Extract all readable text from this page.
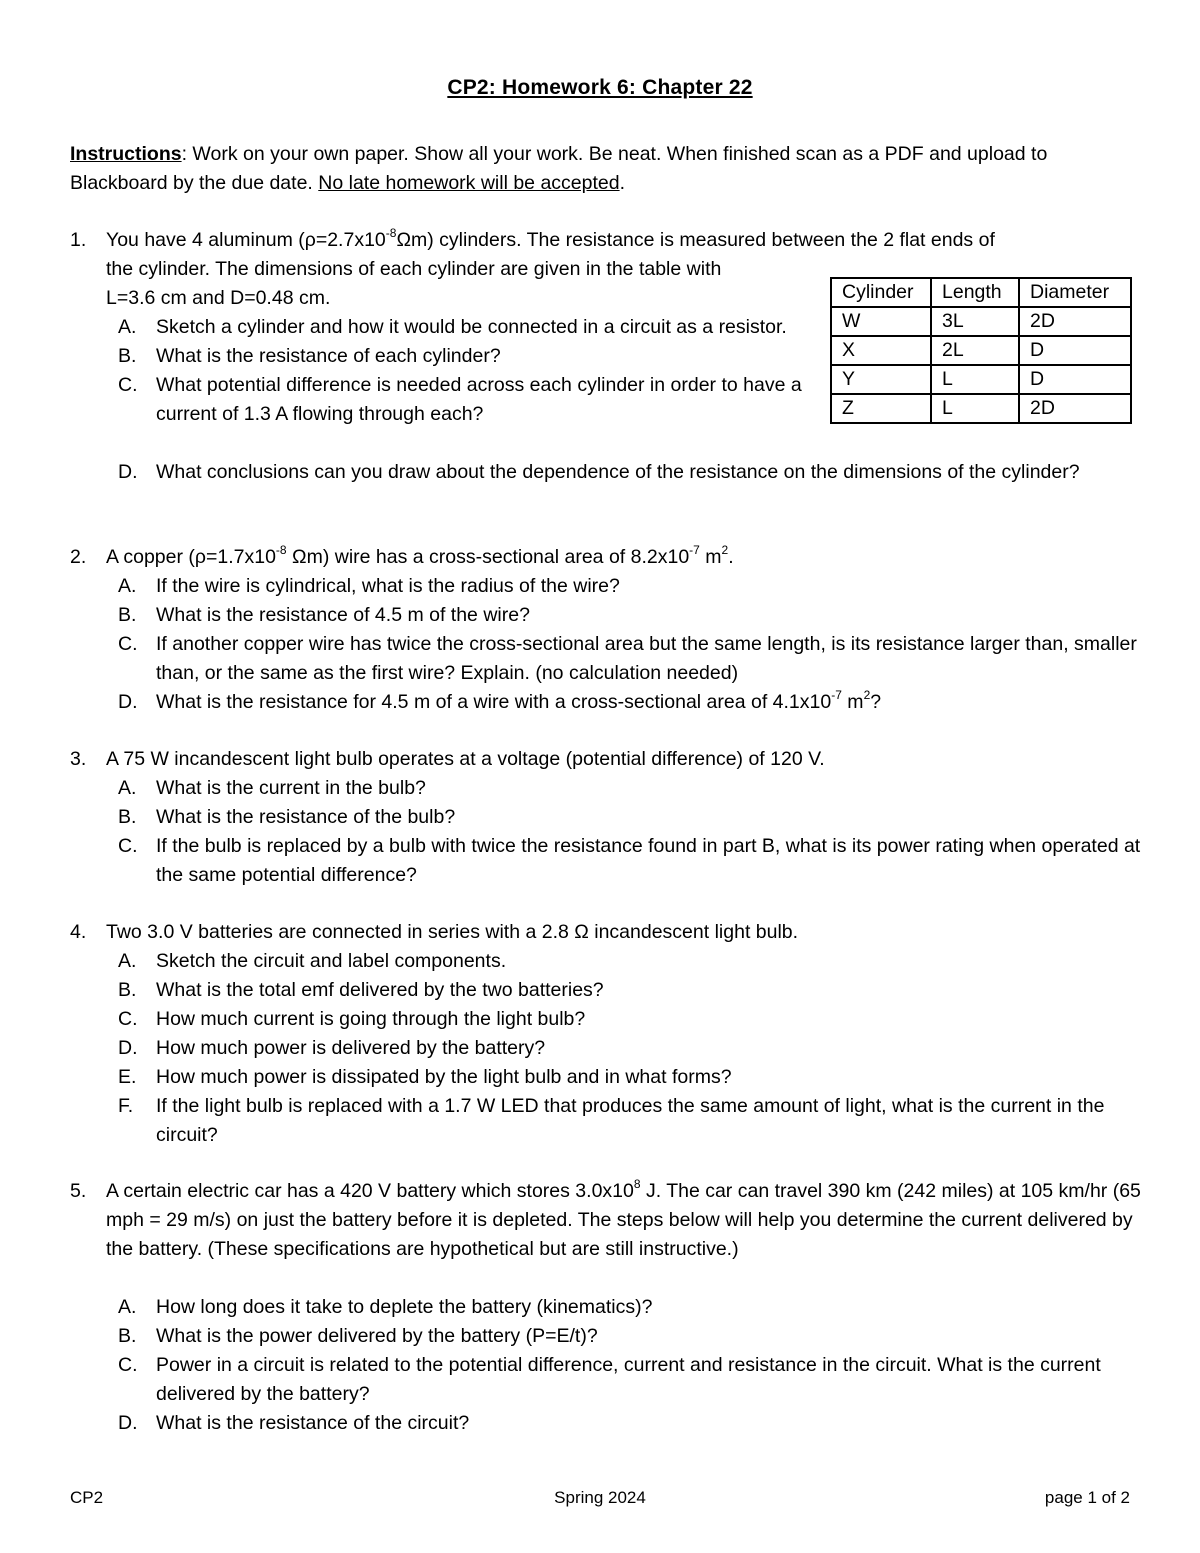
CP2: Homework 6: Chapter 22
Instructions: Work on your own paper. Show all your work. Be neat. When finished scan as a PDF and upload to Blackboard by the due date. No late homework will be accepted.
1. You have 4 aluminum $(\rho=2.7x10^{-8}\Omega m)$ cylinders. The resistance is measured between the 2 flat ends of
the cylinder. The dimensions of each cylinder are given in the table with
L=3.6 cm and D=0.48 cm.
A. Sketch a cylinder and how it would be connected in a circuit as a resistor.
B. What is the resistance of each cylinder?
C. What potential difference is needed across each cylinder in order to have a current of 1.3 A flowing through each?
D. What conclusions can you draw about the dependence of the resistance on the dimensions of the cylinder?
Cylinder	Length	Diameter
W	3L	2D
X	2L	D
Y	L	D
Z	L	2D
2. A copper ($\rho=1.7x10^{-8}$ Ωm) wire has a cross-sectional area of $8.2x10^{-7}$ $m^2$.
A. If the wire is cylindrical, what is the radius of the wire?
B. What is the resistance of 4.5 m of the wire?
C. If another copper wire has twice the cross-sectional area but the same length, is its resistance larger than, smaller than, or the same as the first wire? Explain. (no calculation needed)
D. What is the resistance for 4.5 m of a wire with a cross-sectional area of $4.1x10^{-7}$ $m^2$?
3. A 75 W incandescent light bulb operates at a voltage (potential difference) of 120 V.
A. What is the current in the bulb?
B. What is the resistance of the bulb?
C. If the bulb is replaced by a bulb with twice the resistance found in part B, what is its power rating when operated at the same potential difference?
4. Two 3.0 V batteries are connected in series with a 2.8 Ω incandescent light bulb.
A. Sketch the circuit and label components.
B. What is the total emf delivered by the two batteries?
C. How much current is going through the light bulb?
D. How much power is delivered by the battery?
E. How much power is dissipated by the light bulb and in what forms?
F. If the light bulb is replaced with a 1.7 W LED that produces the same amount of light, what is the current in the circuit?
5. A certain electric car has a 420 V battery which stores $3.0x10^8$ J. The car can travel 390 km (242 miles) at 105 km/hr (65 mph = 29 m/s) on just the battery before it is depleted. The steps below will help you determine the current delivered by the battery. (These specifications are hypothetical but are still instructive.)
A. How long does it take to deplete the battery (kinematics)?
B. What is the power delivered by the battery (P=E/t)?
C. Power in a circuit is related to the potential difference, current and resistance in the circuit. What is the current delivered by the battery?
D. What is the resistance of the circuit?
CP2	Spring 2024	page 1 of 2
